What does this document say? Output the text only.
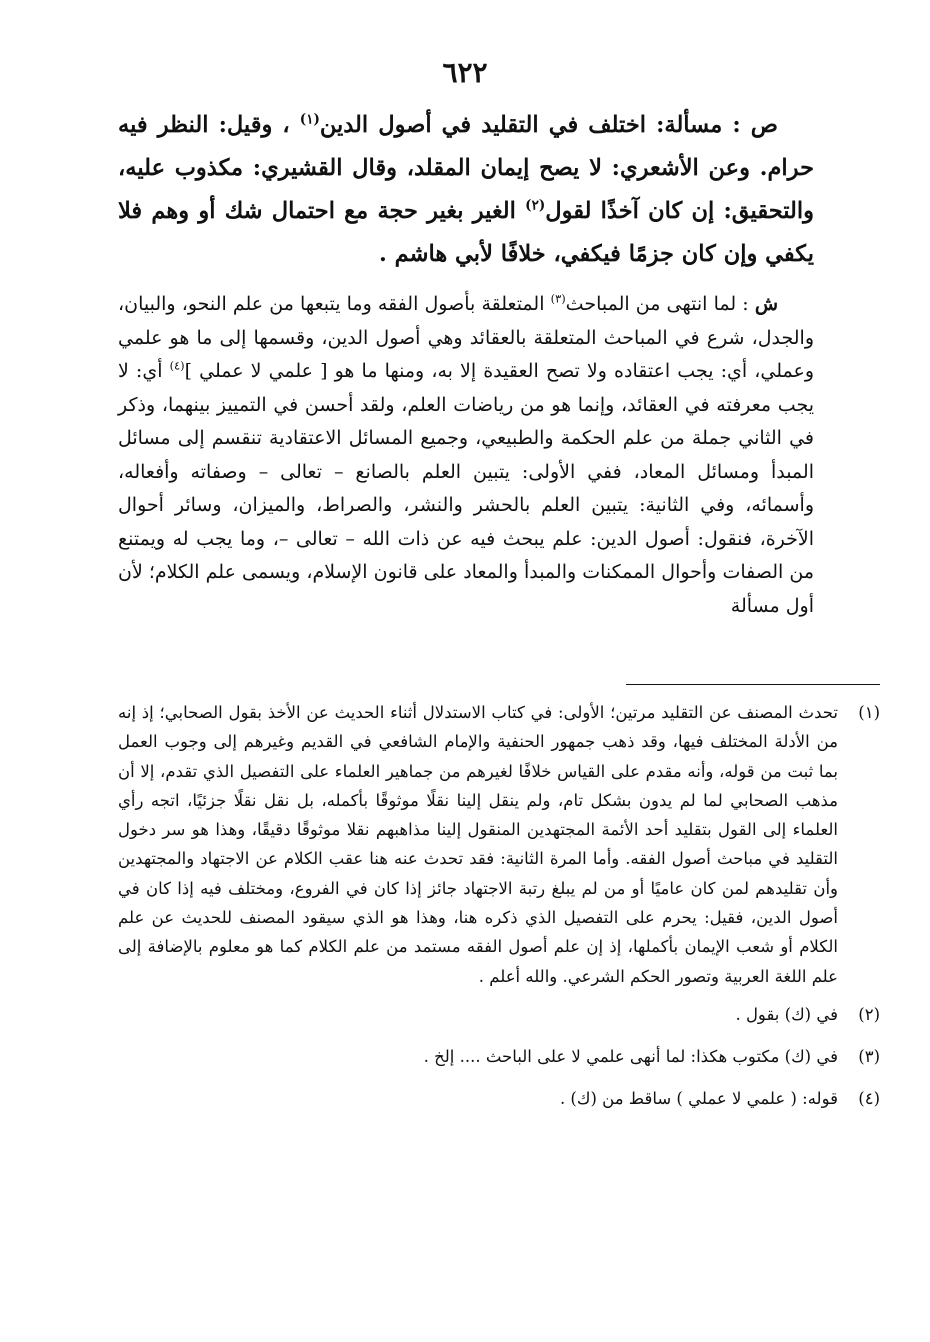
٦٢٢
ص : مسألة: اختلف في التقليد في أصول الدين$^{(١)}$ ، وقيل: النظر فيه حرام. وعن الأشعري: لا يصح إيمان المقلد، وقال القشيري: مكذوب عليه، والتحقيق: إن كان آخذًا لقول$^{(٢)}$ الغير بغير حجة مع احتمال شك أو وهم فلا يكفي وإن كان جزمًا فيكفي، خلافًا لأبي هاشم .
ش : لما انتهى من المباحث$^{(٣)}$ المتعلقة بأصول الفقه وما يتبعها من علم النحو، والبيان، والجدل، شرع في المباحث المتعلقة بالعقائد وهي أصول الدين، وقسمها إلى ما هو علمي وعملي، أي: يجب اعتقاده ولا تصح العقيدة إلا به، ومنها ما هو [ علمي لا عملي ]$^{(٤)}$ أي: لا يجب معرفته في العقائد، وإنما هو من رياضات العلم، ولقد أحسن في التمييز بينهما، وذكر في الثاني جملة من علم الحكمة والطبيعي، وجميع المسائل الاعتقادية تنقسم إلى مسائل المبدأ ومسائل المعاد، ففي الأولى: يتبين العلم بالصانع – تعالى – وصفاته وأفعاله، وأسمائه، وفي الثانية: يتبين العلم بالحشر والنشر، والصراط، والميزان، وسائر أحوال الآخرة، فنقول: أصول الدين: علم يبحث فيه عن ذات الله – تعالى –، وما يجب له ويمتنع من الصفات وأحوال الممكنات والمبدأ والمعاد على قانون الإسلام، ويسمى علم الكلام؛ لأن أول مسألة
(١)
تحدث المصنف عن التقليد مرتين؛ الأولى: في كتاب الاستدلال أثناء الحديث عن الأخذ بقول الصحابي؛ إذ إنه من الأدلة المختلف فيها، وقد ذهب جمهور الحنفية والإمام الشافعي في القديم وغيرهم إلى وجوب العمل بما ثبت من قوله، وأنه مقدم على القياس خلافًا لغيرهم من جماهير العلماء على التفصيل الذي تقدم، إلا أن مذهب الصحابي لما لم يدون بشكل تام، ولم ينقل إلينا نقلًا موثوقًا بأكمله، بل نقل نقلًا جزئيًا، اتجه رأي العلماء إلى القول بتقليد أحد الأئمة المجتهدين المنقول إلينا مذاهبهم نقلا موثوقًا دقيقًا، وهذا هو سر دخول التقليد في مباحث أصول الفقه. وأما المرة الثانية: فقد تحدث عنه هنا عقب الكلام عن الاجتهاد والمجتهدين وأن تقليدهم لمن كان عاميًا أو من لم يبلغ رتبة الاجتهاد جائز إذا كان في الفروع، ومختلف فيه إذا كان في أصول الدين، فقيل: يحرم على التفصيل الذي ذكره هنا، وهذا هو الذي سيقود المصنف للحديث عن علم الكلام أو شعب الإيمان بأكملها، إذ إن علم أصول الفقه مستمد من علم الكلام كما هو معلوم بالإضافة إلى علم اللغة العربية وتصور الحكم الشرعي. والله أعلم .
(٢)
في (ك) بقول .
(٣)
في (ك) مكتوب هكذا: لما أنهى علمي لا على الباحث .... إلخ .
(٤)
قوله: ( علمي لا عملي ) ساقط من (ك) .
